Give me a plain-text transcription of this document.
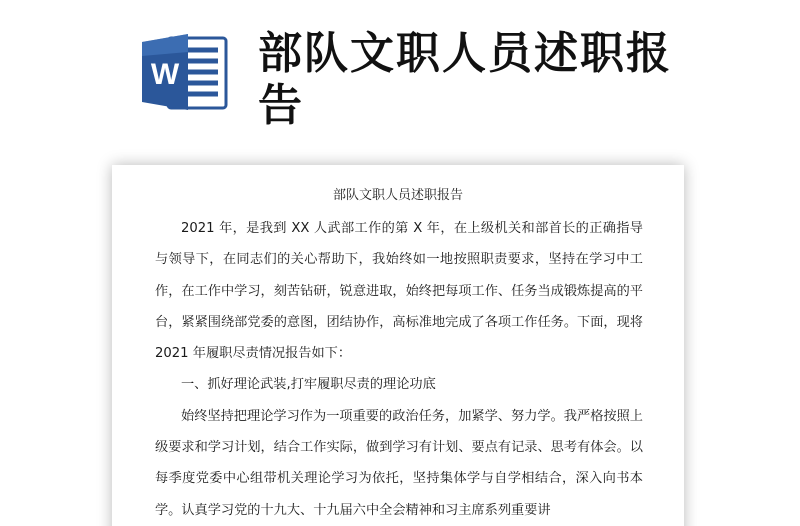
W 部队文职人员述职报告
部队文职人员述职报告

2021 年，是我到 XX 人武部工作的第 X 年，在上级机关和部首长的正确指导与领导下，在同志们的关心帮助下，我始终如一地按照职责要求，坚持在学习中工作，在工作中学习，刻苦钻研，锐意进取，始终把每项工作、任务当成锻炼提高的平台，紧紧围绕部党委的意图，团结协作，高标准地完成了各项工作任务。下面，现将 2021 年履职尽责情况报告如下：

一、抓好理论武装,打牢履职尽责的理论功底

始终坚持把理论学习作为一项重要的政治任务，加紧学、努力学。我严格按照上级要求和学习计划，结合工作实际，做到学习有计划、要点有记录、思考有体会。以每季度党委中心组带机关理论学习为依托，坚持集体学与自学相结合，深入向书本学。认真学习党的十九大、十九届六中全会精神和习主席系列重要讲
